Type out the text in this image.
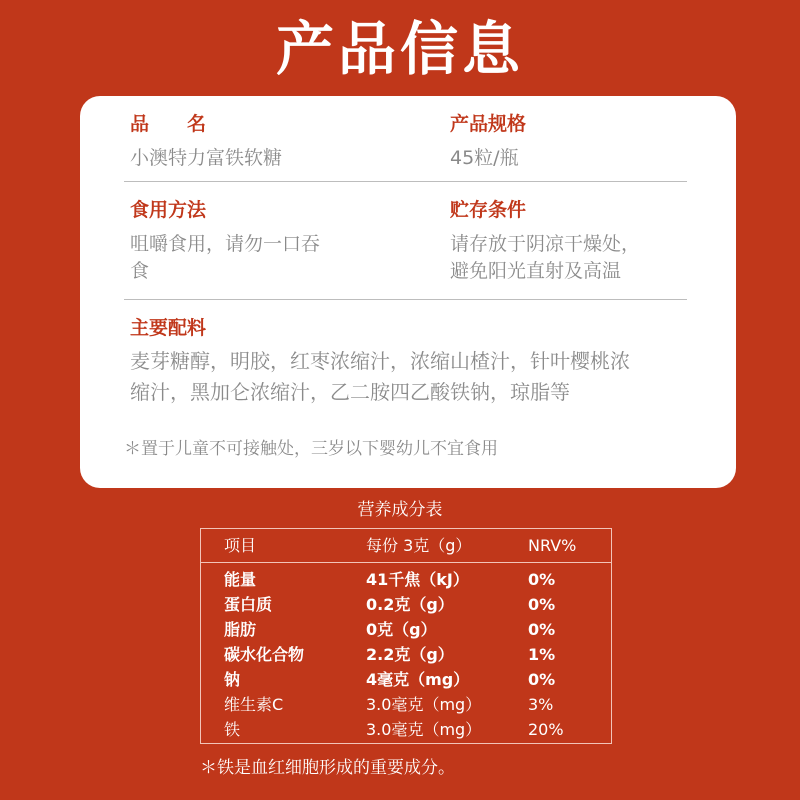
产品信息
品 名
小澳特力富铁软糖
产品规格
45粒/瓶
食用方法
咀嚼食用，请勿一口吞
食
贮存条件
请存放于阴凉干燥处，
避免阳光直射及高温
主要配料
麦芽糖醇，明胶，红枣浓缩汁，浓缩山楂汁，针叶樱桃浓
缩汁，黑加仑浓缩汁，乙二胺四乙酸铁钠，琼脂等
＊置于儿童不可接触处，三岁以下婴幼儿不宜食用
营养成分表
项目	每份 3克（g）	NRV%
能量	41千焦（kJ）	0%
蛋白质	0.2克（g）	0%
脂肪	0克（g）	0%
碳水化合物	2.2克（g）	1%
钠	4毫克（mg）	0%
维生素C	3.0毫克（mg）	3%
铁	3.0毫克（mg）	20%
＊铁是血红细胞形成的重要成分。
